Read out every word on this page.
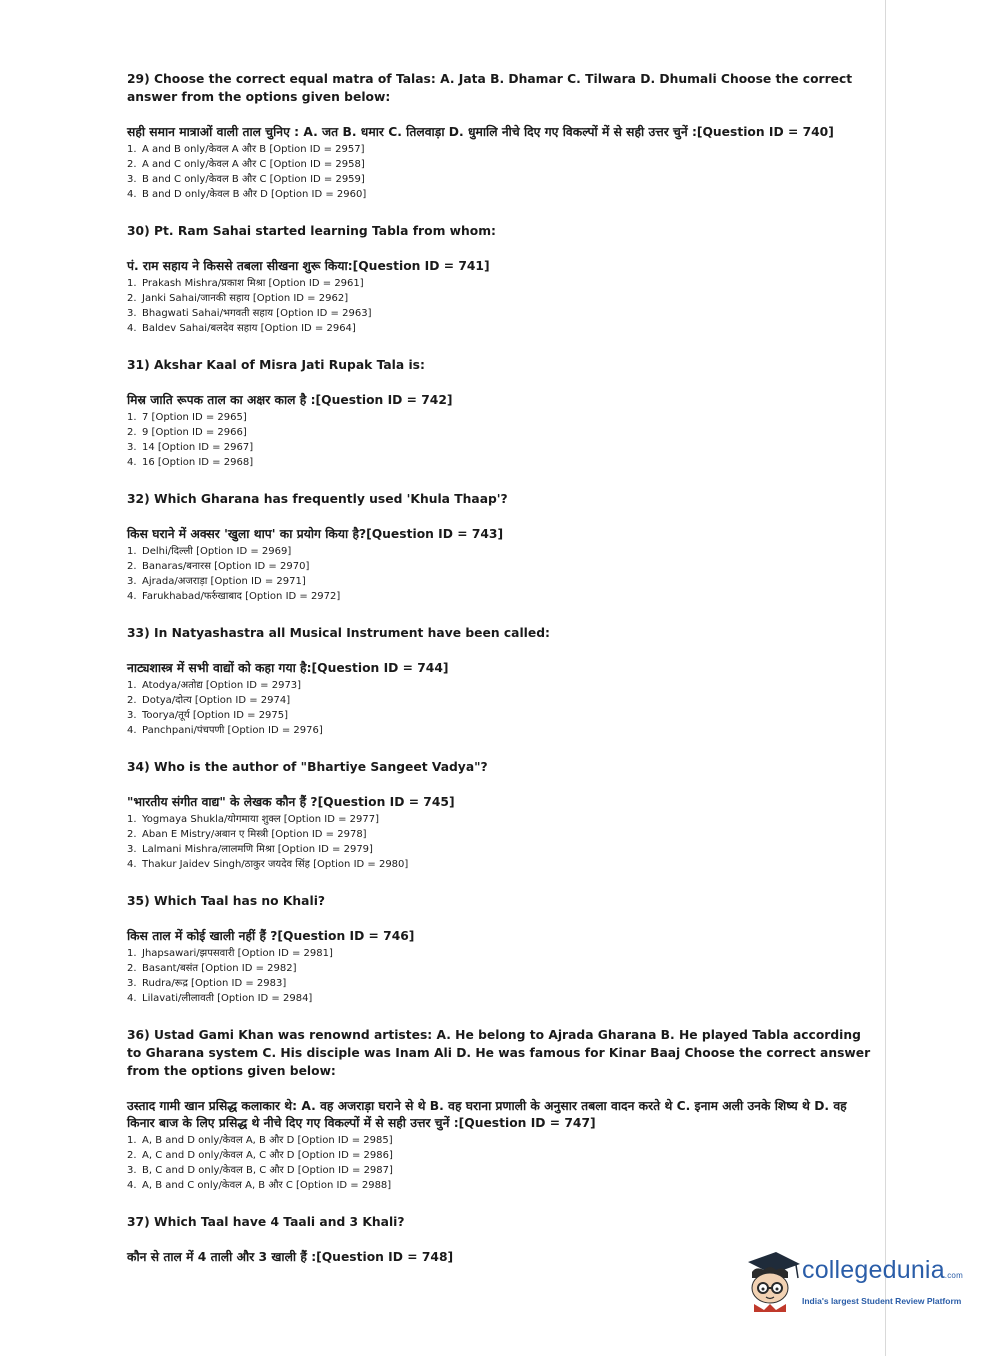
29) Choose the correct equal matra of Talas: A. Jata B. Dhamar C. Tilwara D. Dhumali Choose the correct answer from the options given below:

सही समान मात्राओं वाली ताल चुनिए : A. जत B. धमार C. तिलवाड़ा D. धुमालि नीचे दिए गए विकल्पों में से सही उत्तर चुनें :[Question ID = 740]

1. A and B only/केवल A और B [Option ID = 2957]
2. A and C only/केवल A और C [Option ID = 2958]
3. B and C only/केवल B और C [Option ID = 2959]
4. B and D only/केवल B और D [Option ID = 2960]

30) Pt. Ram Sahai started learning Tabla from whom:

पं. राम सहाय ने किससे तबला सीखना शुरू किया:[Question ID = 741]

1. Prakash Mishra/प्रकाश मिश्रा [Option ID = 2961]
2. Janki Sahai/जानकी सहाय [Option ID = 2962]
3. Bhagwati Sahai/भगवती सहाय [Option ID = 2963]
4. Baldev Sahai/बलदेव सहाय [Option ID = 2964]

31) Akshar Kaal of Misra Jati Rupak Tala is:

मिस्र जाति रूपक ताल का अक्षर काल है :[Question ID = 742]

1. 7 [Option ID = 2965]
2. 9 [Option ID = 2966]
3. 14 [Option ID = 2967]
4. 16 [Option ID = 2968]

32) Which Gharana has frequently used 'Khula Thaap'?

किस घराने में अक्सर 'खुला थाप' का प्रयोग किया है?[Question ID = 743]

1. Delhi/दिल्ली [Option ID = 2969]
2. Banaras/बनारस [Option ID = 2970]
3. Ajrada/अजराड़ा [Option ID = 2971]
4. Farukhabad/फर्रुखाबाद [Option ID = 2972]

33) In Natyashastra all Musical Instrument have been called:

नाट्यशास्त्र में सभी वाद्यों को कहा गया है:[Question ID = 744]

1. Atodya/अतोद्य [Option ID = 2973]
2. Dotya/दोत्य [Option ID = 2974]
3. Toorya/तूर्य [Option ID = 2975]
4. Panchpani/पंचपणी [Option ID = 2976]

34) Who is the author of "Bhartiye Sangeet Vadya"?

"भारतीय संगीत वाद्य" के लेखक कौन हैं ?[Question ID = 745]

1. Yogmaya Shukla/योगमाया शुक्ल [Option ID = 2977]
2. Aban E Mistry/अबान ए मिस्त्री [Option ID = 2978]
3. Lalmani Mishra/लालमणि मिश्रा [Option ID = 2979]
4. Thakur Jaidev Singh/ठाकुर जयदेव सिंह [Option ID = 2980]

35) Which Taal has no Khali?

किस ताल में कोई खाली नहीं हैं ?[Question ID = 746]

1. Jhapsawari/झपसवारी [Option ID = 2981]
2. Basant/बसंत [Option ID = 2982]
3. Rudra/रूद्र [Option ID = 2983]
4. Lilavati/लीलावती [Option ID = 2984]

36) Ustad Gami Khan was renownd artistes: A. He belong to Ajrada Gharana B. He played Tabla according to Gharana system C. His disciple was Inam Ali D. He was famous for Kinar Baaj Choose the correct answer from the options given below:

उस्ताद गामी खान प्रसिद्ध कलाकार थे: A. वह अजराड़ा घराने से थे B. वह घराना प्रणाली के अनुसार तबला वादन करते थे C. इनाम अली उनके शिष्य थे D. वह किनार बाज के लिए प्रसिद्ध थे नीचे दिए गए विकल्पों में से सही उत्तर चुनें :[Question ID = 747]

1. A, B and D only/केवल A, B और D [Option ID = 2985]
2. A, C and D only/केवल A, C और D [Option ID = 2986]
3. B, C and D only/केवल B, C और D [Option ID = 2987]
4. A, B and C only/केवल A, B और C [Option ID = 2988]

37) Which Taal have 4 Taali and 3 Khali?

कौन से ताल में 4 ताली और 3 खाली हैं :[Question ID = 748]	collegedunia.com
India's largest Student Review Platform
